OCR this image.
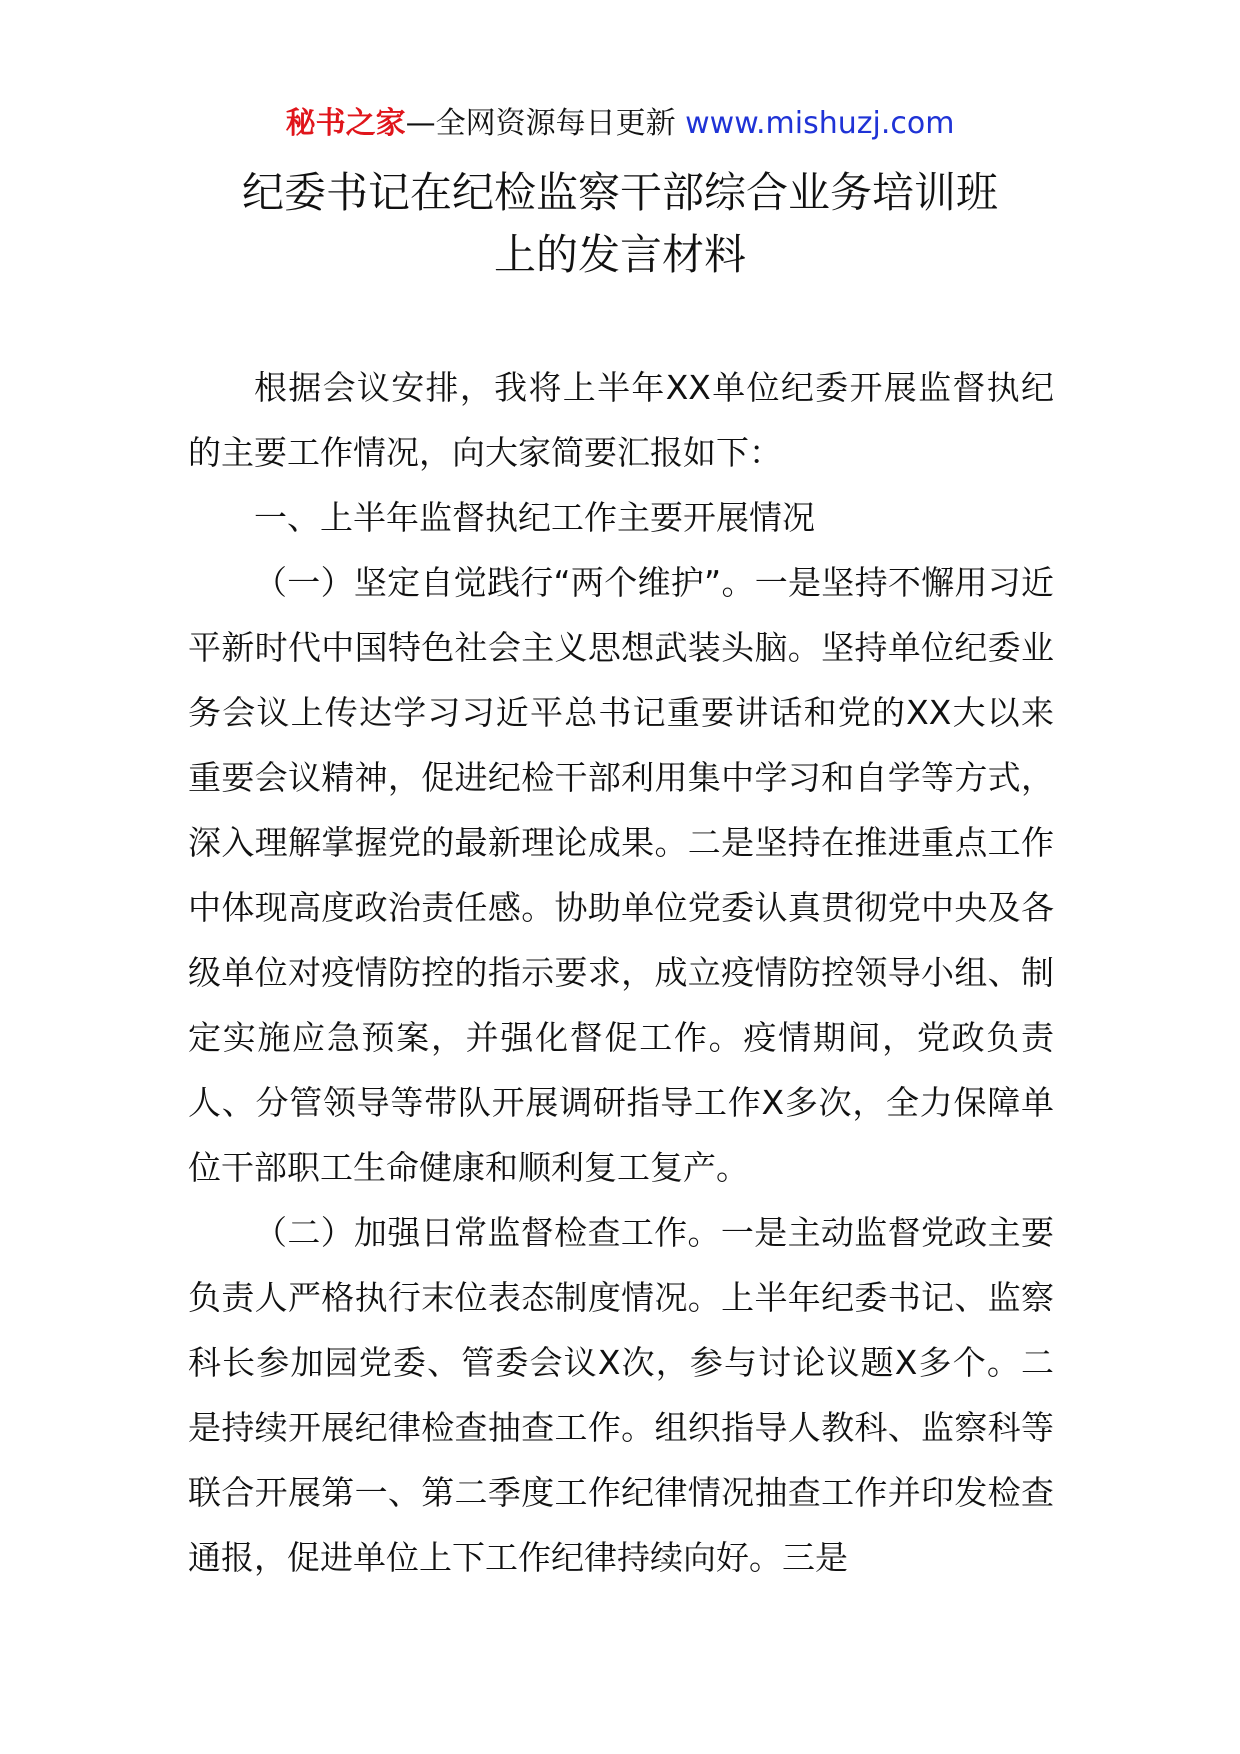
秘书之家—全网资源每日更新 www.mishuzj.com
纪委书记在纪检监察干部综合业务培训班
上的发言材料

根据会议安排，我将上半年XX单位纪委开展监督执纪的主要工作情况，向大家简要汇报如下：

一、上半年监督执纪工作主要开展情况

（一）坚定自觉践行“两个维护”。一是坚持不懈用习近平新时代中国特色社会主义思想武装头脑。坚持单位纪委业务会议上传达学习习近平总书记重要讲话和党的XX大以来重要会议精神，促进纪检干部利用集中学习和自学等方式，深入理解掌握党的最新理论成果。二是坚持在推进重点工作中体现高度政治责任感。协助单位党委认真贯彻党中央及各级单位对疫情防控的指示要求，成立疫情防控领导小组、制定实施应急预案，并强化督促工作。疫情期间，党政负责人、分管领导等带队开展调研指导工作X多次，全力保障单位干部职工生命健康和顺利复工复产。

（二）加强日常监督检查工作。一是主动监督党政主要负责人严格执行末位表态制度情况。上半年纪委书记、监察科长参加园党委、管委会议X次，参与讨论议题X多个。二是持续开展纪律检查抽查工作。组织指导人教科、监察科等联合开展第一、第二季度工作纪律情况抽查工作并印发检查通报，促进单位上下工作纪律持续向好。三是
